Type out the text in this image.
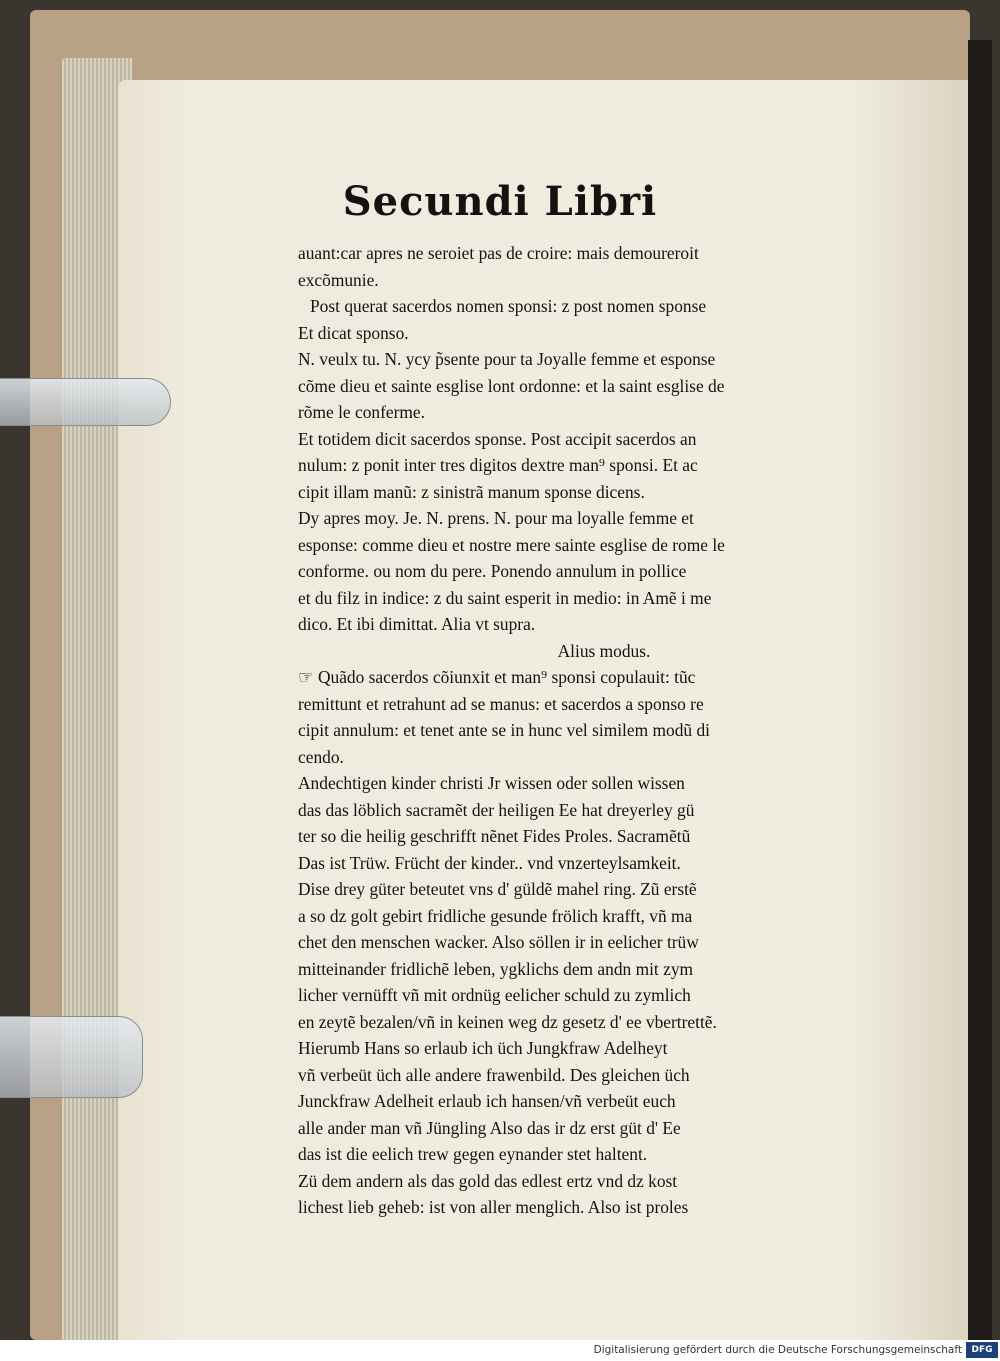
Secundi Libri
auant:car apres ne seroiet pas de croire: mais demoureroit
excõmunie.
Post querat sacerdos nomen sponsi: z post nomen sponse
Et dicat sponso.
N. veulx tu. N. ycy p̃sente pour ta Joyalle femme et esponse
cõme dieu et sainte esglise lont ordonne: et la saint esglise de
rõme le conferme.
Et totidem dicit sacerdos sponse. Post accipit sacerdos an
nulum: z ponit inter tres digitos dextre man⁹ sponsi. Et ac
cipit illam manũ: z sinistrã manum sponse dicens.
Dy apres moy. Je. N. prens. N. pour ma loyalle femme et
esponse: comme dieu et nostre mere sainte esglise de rome le
conforme. ou nom du pere. Ponendo annulum in pollice
et du filz in indice: z du saint esperit in medio: in Amẽ i me
dico. Et ibi dimittat. Alia vt supra.
Alius modus.
☞ Quãdo sacerdos cõiunxit et man⁹ sponsi copulauit: tũc
remittunt et retrahunt ad se manus: et sacerdos a sponso re
cipit annulum: et tenet ante se in hunc vel similem modũ di
cendo.
Andechtigen kinder christi Jr wissen oder sollen wissen
das das löblich sacramẽt der heiligen Ee hat dreyerley gü
ter so die heilig geschrifft nẽnet Fides Proles. Sacramẽtũ
Das ist Trüw. Frücht der kinder.. vnd vnzerteylsamkeit.
Dise drey güter beteutet vns d' güldẽ mahel ring. Zũ erstẽ
a so dz golt gebirt fridliche gesunde frölich krafft, vñ ma
chet den menschen wacker. Also söllen ir in eelicher trüw
mitteinander fridlichẽ leben, ygklichs dem andn mit zym
licher vernüfft vñ mit ordnüg eelicher schuld zu zymlich
en zeytẽ bezalen/vñ in keinen weg dz gesetz d' ee vbertrettẽ.
Hierumb Hans so erlaub ich üch Jungkfraw Adelheyt
vñ verbeüt üch alle andere frawenbild. Des gleichen üch
Junckfraw Adelheit erlaub ich hansen/vñ verbeüt euch
alle ander man vñ Jüngling Also das ir dz erst güt d' Ee
das ist die eelich trew gegen eynander stet haltent.
Zü dem andern als das gold das edlest ertz vnd dz kost
lichest lieb geheb: ist von aller menglich. Also ist proles
Digitalisierung gefördert durch die Deutsche Forschungsgemeinschaft	DFG
